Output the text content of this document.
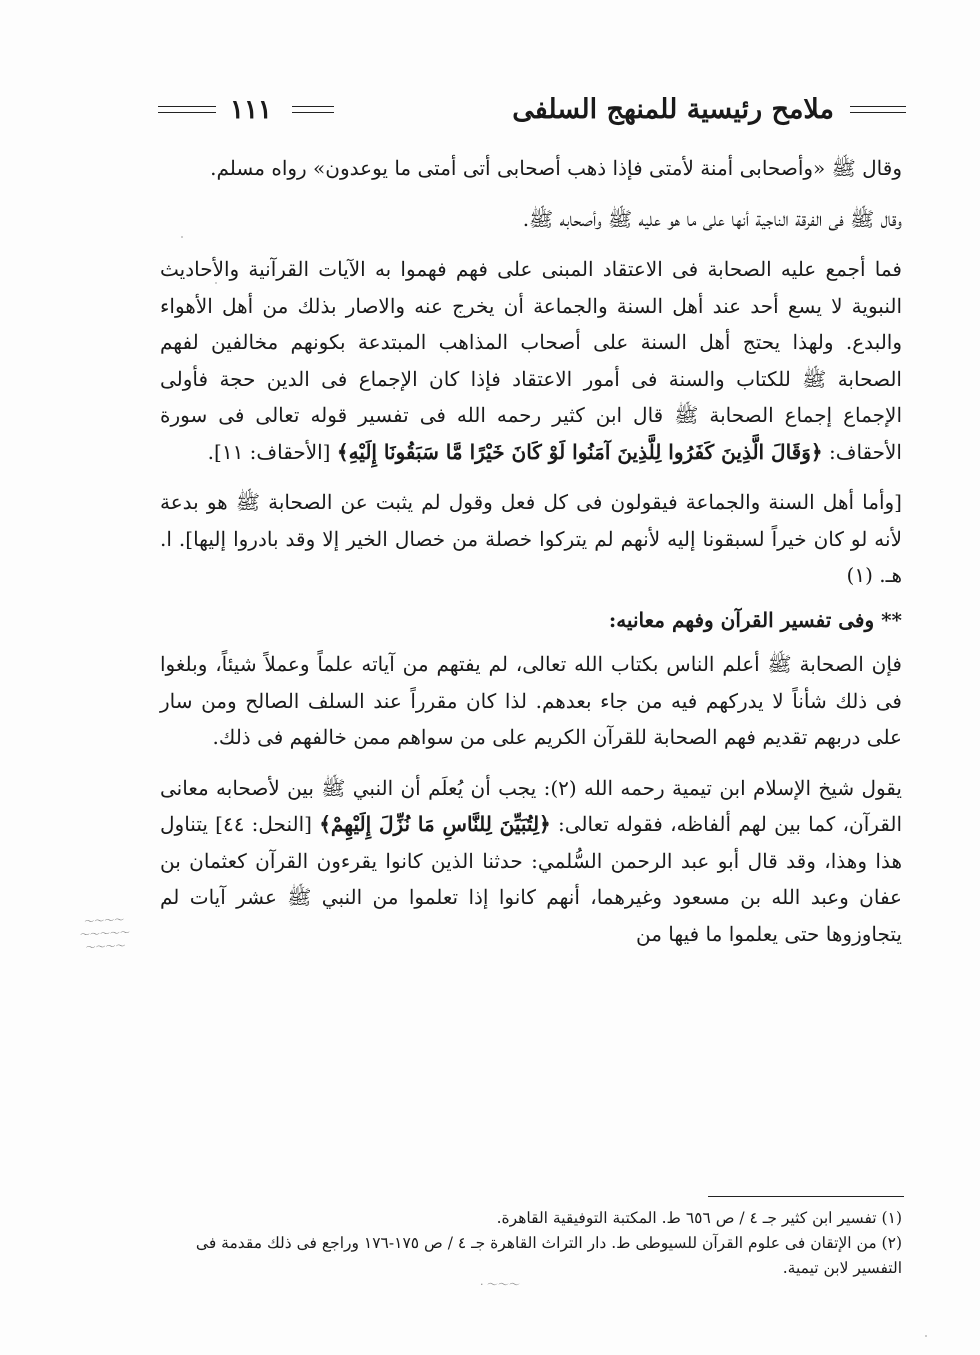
ملامح رئيسية للمنهج السلفى
١١١

وقال ﷺ «وأصحابى أمنة لأمتى فإذا ذهب أصحابى أتى أمتى ما يوعدون» رواه مسلم.

وقال ﷺ فى الفرقة الناجية أنها على ما هو عليه ﷺ وأصحابه ﷺ.

فما أجمع عليه الصحابة فى الاعتقاد المبنى على فهم فهموا به الآيات القرآنية والأحاديث النبوية لا يسع أحد عند أهل السنة والجماعة أن يخرج عنه والاصار بذلك من أهل الأهواء والبدع. ولهذا يحتج أهل السنة على أصحاب المذاهب المبتدعة بكونهم مخالفين لفهم الصحابة ﷺ للكتاب والسنة فى أمور الاعتقاد فإذا كان الإجماع فى الدين حجة فأولى الإجماع إجماع الصحابة ﷺ قال ابن كثير رحمه الله فى تفسير قوله تعالى فى سورة الأحقاف: ﴿وَقَالَ الَّذِينَ كَفَرُوا لِلَّذِينَ آمَنُوا لَوْ كَانَ خَيْرًا مَّا سَبَقُونَا إِلَيْهِ﴾ [الأحقاف: ١١].

[وأما أهل السنة والجماعة فيقولون فى كل فعل وقول لم يثبت عن الصحابة ﷺ هو بدعة لأنه لو كان خيراً لسبقونا إليه لأنهم لم يتركوا خصلة من خصال الخير إلا وقد بادروا إليها]. ا. هـ. (١)

** وفى تفسير القرآن وفهم معانيه:

فإن الصحابة ﷺ أعلم الناس بكتاب الله تعالى، لم يفتهم من آياته علماً وعملاً شيئاً، وبلغوا فى ذلك شأناً لا يدركهم فيه من جاء بعدهم. لذا كان مقرراً عند السلف الصالح ومن سار على دربهم تقديم فهم الصحابة للقرآن الكريم على من سواهم ممن خالفهم فى ذلك.

يقول شيخ الإسلام ابن تيمية رحمه الله (٢): يجب أن يُعلَم أن النبي ﷺ بين لأصحابه معانى القرآن، كما بين لهم ألفاظه، فقوله تعالى: ﴿لِتُبَيِّنَ لِلنَّاسِ مَا نُزِّلَ إِلَيْهِمْ﴾ [النحل: ٤٤] يتناول هذا وهذا، وقد قال أبو عبد الرحمن السُّلمي: حدثنا الذين كانوا يقرءون القرآن كعثمان بن عفان وعبد الله بن مسعود وغيرهما، أنهم كانوا إذا تعلموا من النبي ﷺ عشر آيات لم يتجاوزوها حتى يعلموا ما فيها من

(١) تفسير ابن كثير جـ ٤ / ص ٦٥٦ ط. المكتبة التوفيقية القاهرة.

(٢) من الإتقان فى علوم القرآن للسيوطى ط. دار التراث القاهرة جـ ٤ / ص ١٧٥-١٧٦ وراجع فى ذلك مقدمة فى التفسير لابن تيمية.

〜〜〜〜
〜〜〜〜〜
〜〜〜〜
〜〜〜 ·
